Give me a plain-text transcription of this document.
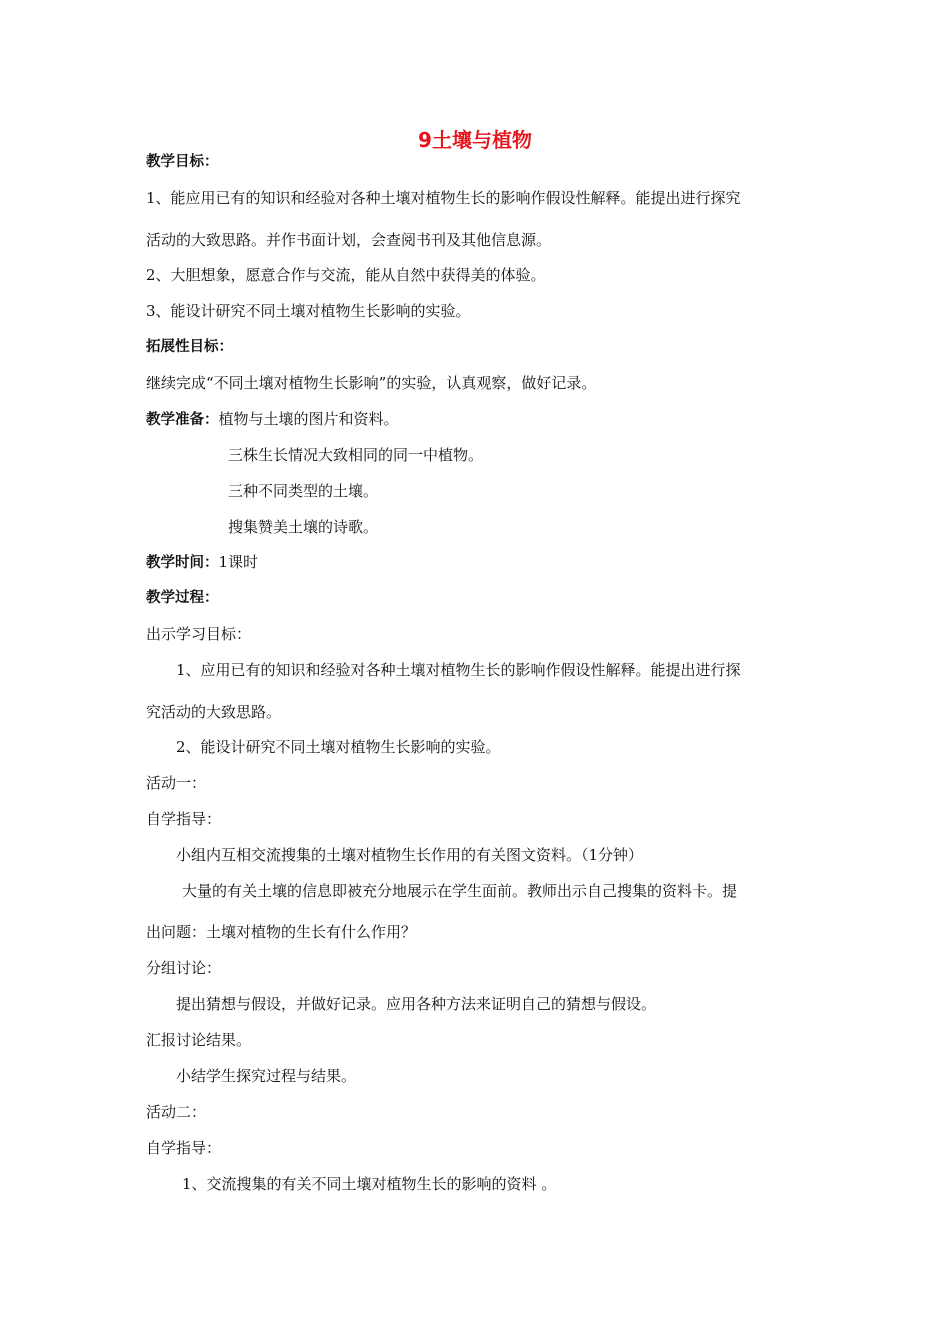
9土壤与植物
教学目标：
1、能应用已有的知识和经验对各种土壤对植物生长的影响作假设性解释。能提出进行探究
活动的大致思路。并作书面计划，会查阅书刊及其他信息源。
2、大胆想象，愿意合作与交流，能从自然中获得美的体验。
3、能设计研究不同土壤对植物生长影响的实验。
拓展性目标：
继续完成“不同土壤对植物生长影响”的实验，认真观察，做好记录。
教学准备：植物与土壤的图片和资料。
三株生长情况大致相同的同一中植物。
三种不同类型的土壤。
搜集赞美土壤的诗歌。
教学时间：1课时
教学过程：
出示学习目标：
1、应用已有的知识和经验对各种土壤对植物生长的影响作假设性解释。能提出进行探
究活动的大致思路。
2、能设计研究不同土壤对植物生长影响的实验。
活动一：
自学指导：
小组内互相交流搜集的土壤对植物生长作用的有关图文资料。（1分钟）
大量的有关土壤的信息即被充分地展示在学生面前。教师出示自己搜集的资料卡。提
出问题：土壤对植物的生长有什么作用？
分组讨论：
提出猜想与假设，并做好记录。应用各种方法来证明自己的猜想与假设。
汇报讨论结果。
小结学生探究过程与结果。
活动二：
自学指导：
1、交流搜集的有关不同土壤对植物生长的影响的资料 。
